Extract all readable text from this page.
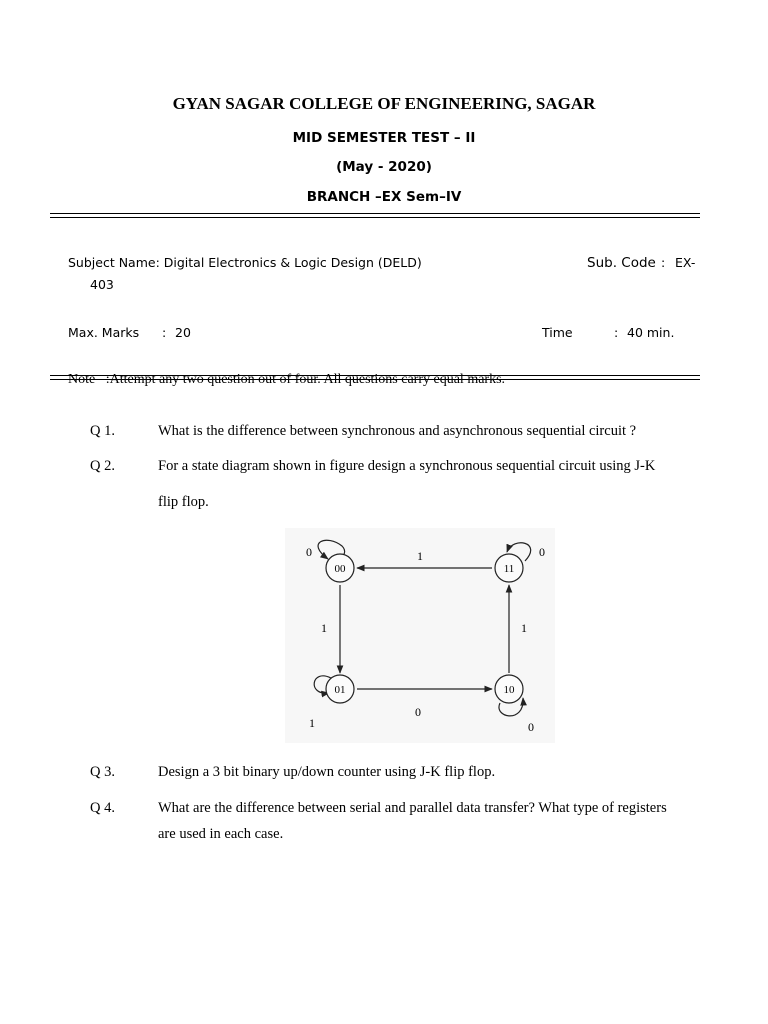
GYAN SAGAR COLLEGE OF ENGINEERING, SAGAR
MID SEMESTER TEST – II
(May - 2020)
BRANCH –EX Sem–IV
Subject Name: Digital Electronics & Logic Design (DELD)	Sub. Code : EX-
403
Max. Marks : 20	Time	: 40 min.
Note   :Attempt any two question out of four. All questions carry equal marks.
Q 1.	What is the difference between synchronous and asynchronous sequential circuit ?
Q 2.	For a state diagram shown in figure design a synchronous sequential circuit using J-K
flip flop.
00	11
01	10
0	1	0
1	1
1
0
0
Q 3.	Design a 3 bit binary up/down counter using J-K flip flop.
Q 4.	What are the difference between serial and parallel data transfer? What type of registers
are used in each case.
